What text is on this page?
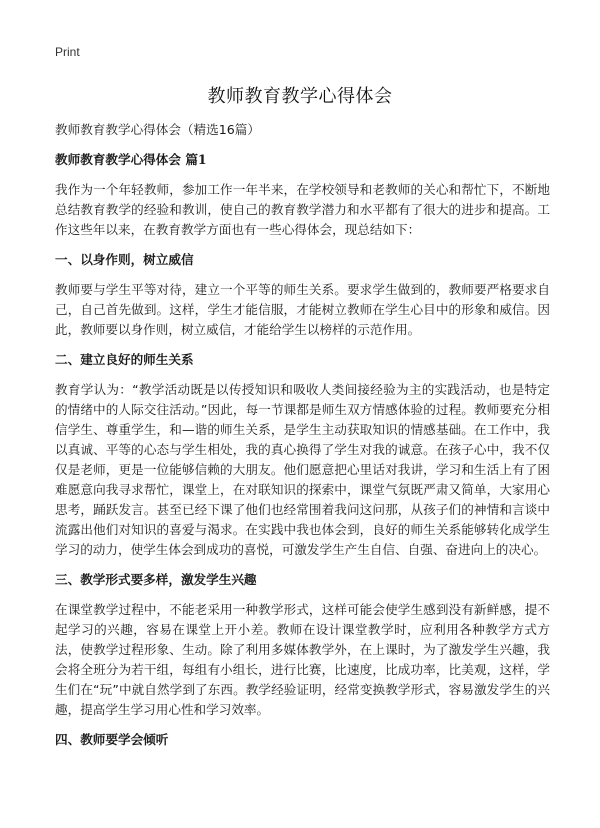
Print
教师教育教学心得体会
教师教育教学心得体会（精选16篇）
教师教育教学心得体会 篇1
我作为一个年轻教师，参加工作一年半来，在学校领导和老教师的关心和帮忙下，不断地总结教育教学的经验和教训，使自己的教育教学潜力和水平都有了很大的进步和提高。工作这些年以来，在教育教学方面也有一些心得体会，现总结如下：
一、以身作则，树立威信
教师要与学生平等对待，建立一个平等的师生关系。要求学生做到的，教师要严格要求自己，自己首先做到。这样，学生才能信服，才能树立教师在学生心目中的形象和威信。因此，教师要以身作则，树立威信，才能给学生以榜样的示范作用。
二、建立良好的师生关系
教育学认为：“教学活动既是以传授知识和吸收人类间接经验为主的实践活动，也是特定的情绪中的人际交往活动。”因此，每一节课都是师生双方情感体验的过程。教师要充分相信学生、尊重学生，和—谐的师生关系，是学生主动获取知识的情感基础。在工作中，我以真诚、平等的心态与学生相处，我的真心换得了学生对我的诚意。在孩子心中，我不仅仅是老师，更是一位能够信赖的大朋友。他们愿意把心里话对我讲，学习和生活上有了困难愿意向我寻求帮忙，课堂上，在对联知识的探索中，课堂气氛既严肃又简单，大家用心思考，踊跃发言。甚至已经下课了他们也经常围着我问这问那，从孩子们的神情和言谈中流露出他们对知识的喜爱与渴求。在实践中我也体会到，良好的师生关系能够转化成学生学习的动力，使学生体会到成功的喜悦，可激发学生产生自信、自强、奋进向上的决心。
三、教学形式要多样，激发学生兴趣
在课堂教学过程中，不能老采用一种教学形式，这样可能会使学生感到没有新鲜感，提不起学习的兴趣，容易在课堂上开小差。教师在设计课堂教学时，应利用各种教学方式方法，使教学过程形象、生动。除了利用多媒体教学外，在上课时，为了激发学生兴趣，我会将全班分为若干组，每组有小组长，进行比赛，比速度，比成功率，比美观，这样，学生们在“玩”中就自然学到了东西。教学经验证明，经常变换教学形式，容易激发学生的兴趣，提高学生学习用心性和学习效率。
四、教师要学会倾听
